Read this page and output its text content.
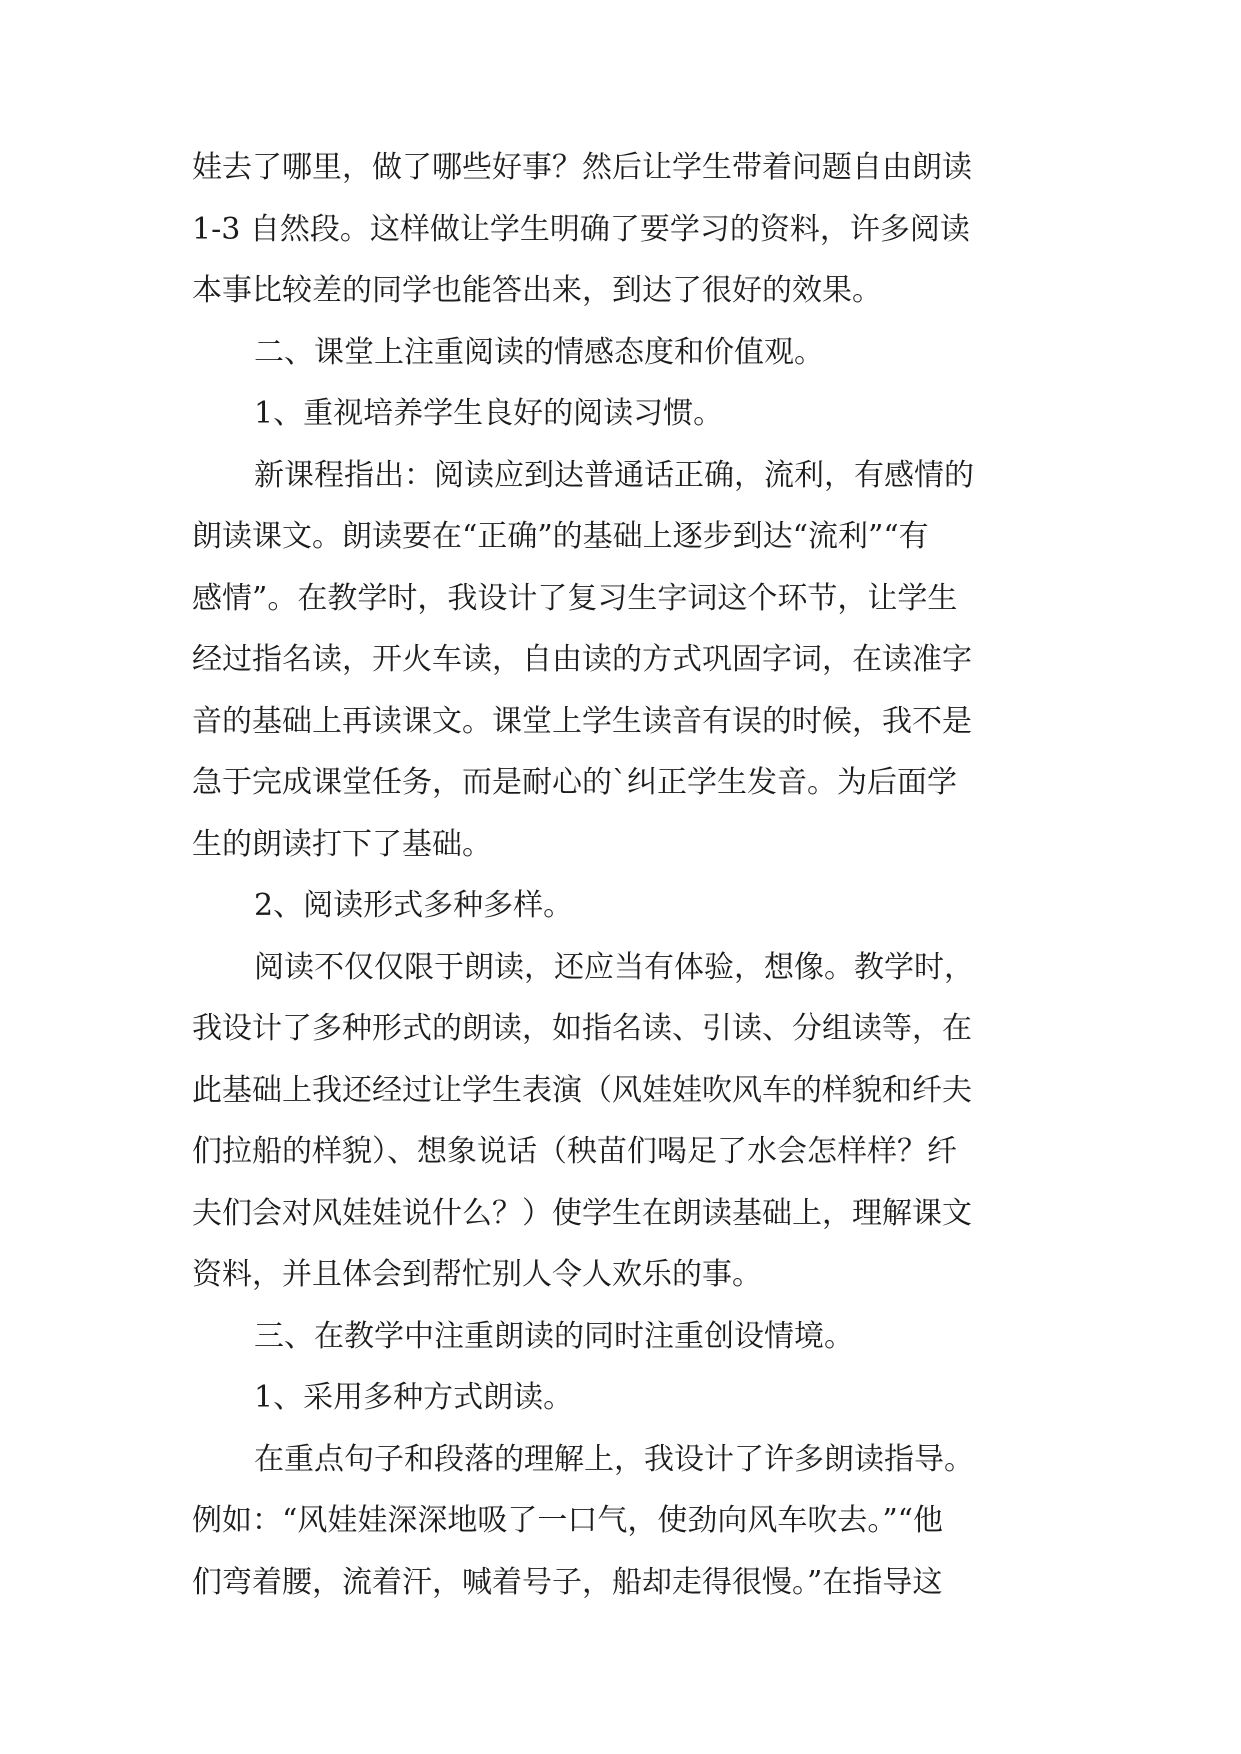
娃去了哪里，做了哪些好事？然后让学生带着问题自由朗读

1-3 自然段。这样做让学生明确了要学习的资料，许多阅读

本事比较差的同学也能答出来，到达了很好的效果。

二、课堂上注重阅读的情感态度和价值观。

1、重视培养学生良好的阅读习惯。

新课程指出：阅读应到达普通话正确，流利，有感情的

朗读课文。朗读要在“正确”的基础上逐步到达“流利”“有

感情”。在教学时，我设计了复习生字词这个环节，让学生

经过指名读，开火车读，自由读的方式巩固字词，在读准字

音的基础上再读课文。课堂上学生读音有误的时候，我不是

急于完成课堂任务，而是耐心的`纠正学生发音。为后面学

生的朗读打下了基础。

2、阅读形式多种多样。

阅读不仅仅限于朗读，还应当有体验，想像。教学时，

我设计了多种形式的朗读，如指名读、引读、分组读等，在

此基础上我还经过让学生表演（风娃娃吹风车的样貌和纤夫

们拉船的样貌）、想象说话（秧苗们喝足了水会怎样样？纤

夫们会对风娃娃说什么？）使学生在朗读基础上，理解课文

资料，并且体会到帮忙别人令人欢乐的事。

三、在教学中注重朗读的同时注重创设情境。

1、采用多种方式朗读。

在重点句子和段落的理解上，我设计了许多朗读指导。

例如：“风娃娃深深地吸了一口气，使劲向风车吹去。”“他

们弯着腰，流着汗，喊着号子，船却走得很慢。”在指导这
